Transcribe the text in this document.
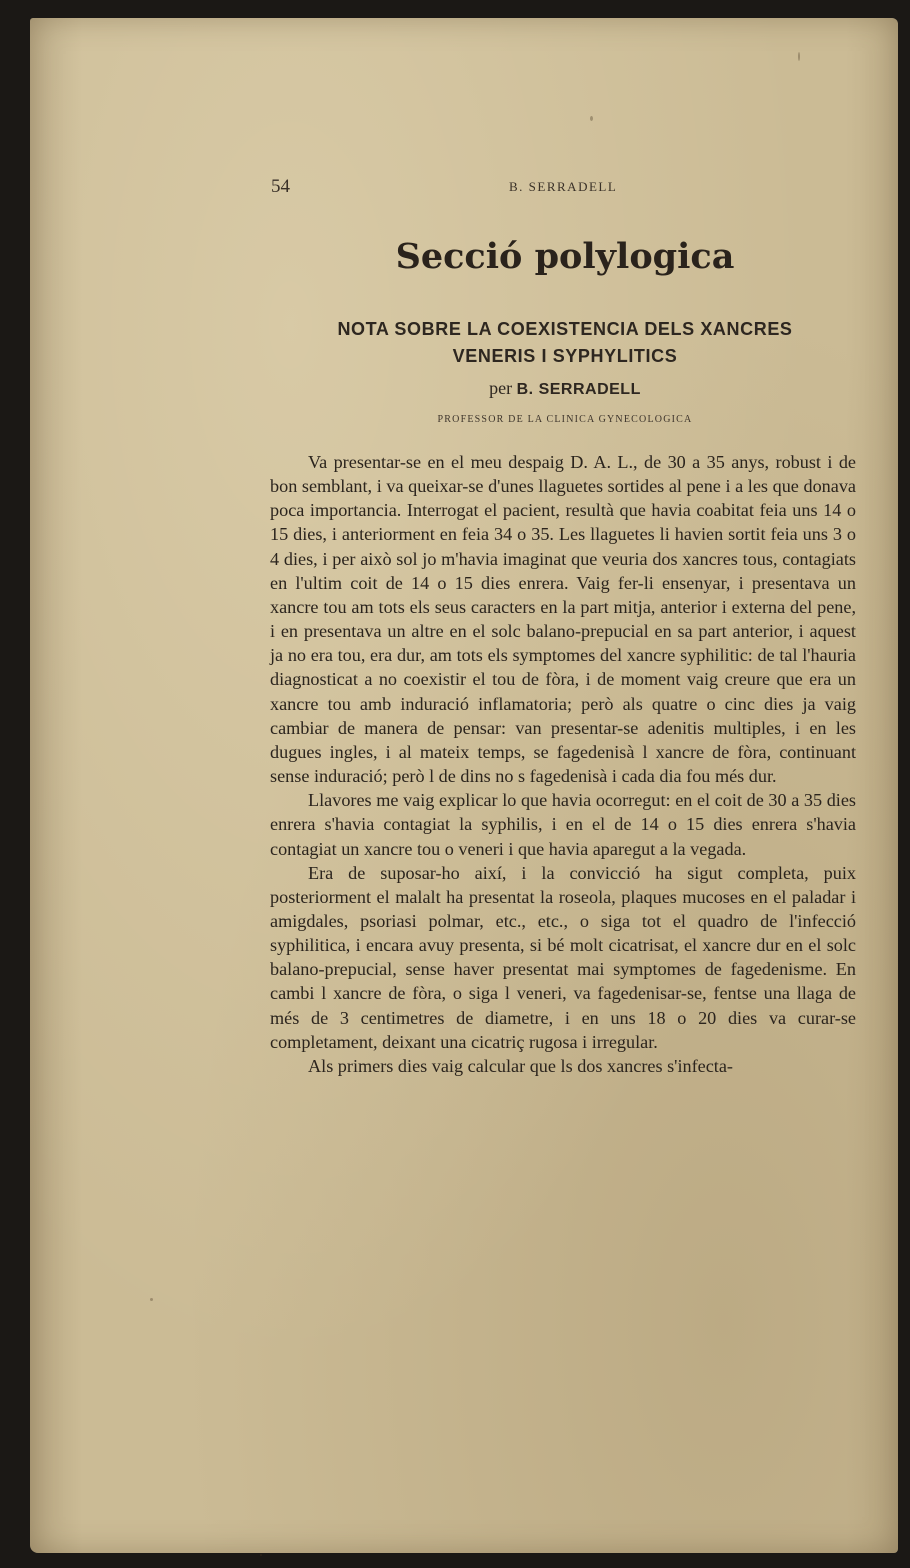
54	B. SERRADELL
Secció polylogica
NOTA SOBRE LA COEXISTENCIA DELS XANCRES
VENERIS I SYPHYLITICS
per B. SERRADELL
PROFESSOR DE LA CLINICA GYNECOLOGICA

Va presentar-se en el meu despaig D. A. L., de 30 a 35 anys, robust i de bon semblant, i va queixar-se d'unes llaguetes sortides al pene i a les que donava poca importancia. Interrogat el pacient, resultà que havia coabitat feia uns 14 o 15 dies, i anteriorment en feia 34 o 35. Les llaguetes li havien sortit feia uns 3 o 4 dies, i per això sol jo m'havia imaginat que veuria dos xancres tous, contagiats en l'ultim coit de 14 o 15 dies enrera. Vaig fer-li ensenyar, i presentava un xancre tou am tots els seus caracters en la part mitja, anterior i externa del pene, i en presentava un altre en el solc balano-prepucial en sa part anterior, i aquest ja no era tou, era dur, am tots els symptomes del xancre syphilitic: de tal l'hauria diagnosticat a no coexistir el tou de fòra, i de moment vaig creure que era un xancre tou amb induració inflamatoria; però als quatre o cinc dies ja vaig cambiar de manera de pensar: van presentar-se adenitis multiples, i en les dugues ingles, i al mateix temps, se fagedenisà l xancre de fòra, continuant sense induració; però l de dins no s fagedenisà i cada dia fou més dur.

Llavores me vaig explicar lo que havia ocorregut: en el coit de 30 a 35 dies enrera s'havia contagiat la syphilis, i en el de 14 o 15 dies enrera s'havia contagiat un xancre tou o veneri i que havia aparegut a la vegada.

Era de suposar-ho així, i la convicció ha sigut completa, puix posteriorment el malalt ha presentat la roseola, plaques mucoses en el paladar i amigdales, psoriasi polmar, etc., etc., o siga tot el quadro de l'infecció syphilitica, i encara avuy presenta, si bé molt cicatrisat, el xancre dur en el solc balano-prepucial, sense haver presentat mai symptomes de fagedenisme. En cambi l xancre de fòra, o siga l veneri, va fagedenisar-se, fentse una llaga de més de 3 centimetres de diametre, i en uns 18 o 20 dies va curar-se completament, deixant una cicatriç rugosa i irregular.

Als primers dies vaig calcular que ls dos xancres s'infecta-
